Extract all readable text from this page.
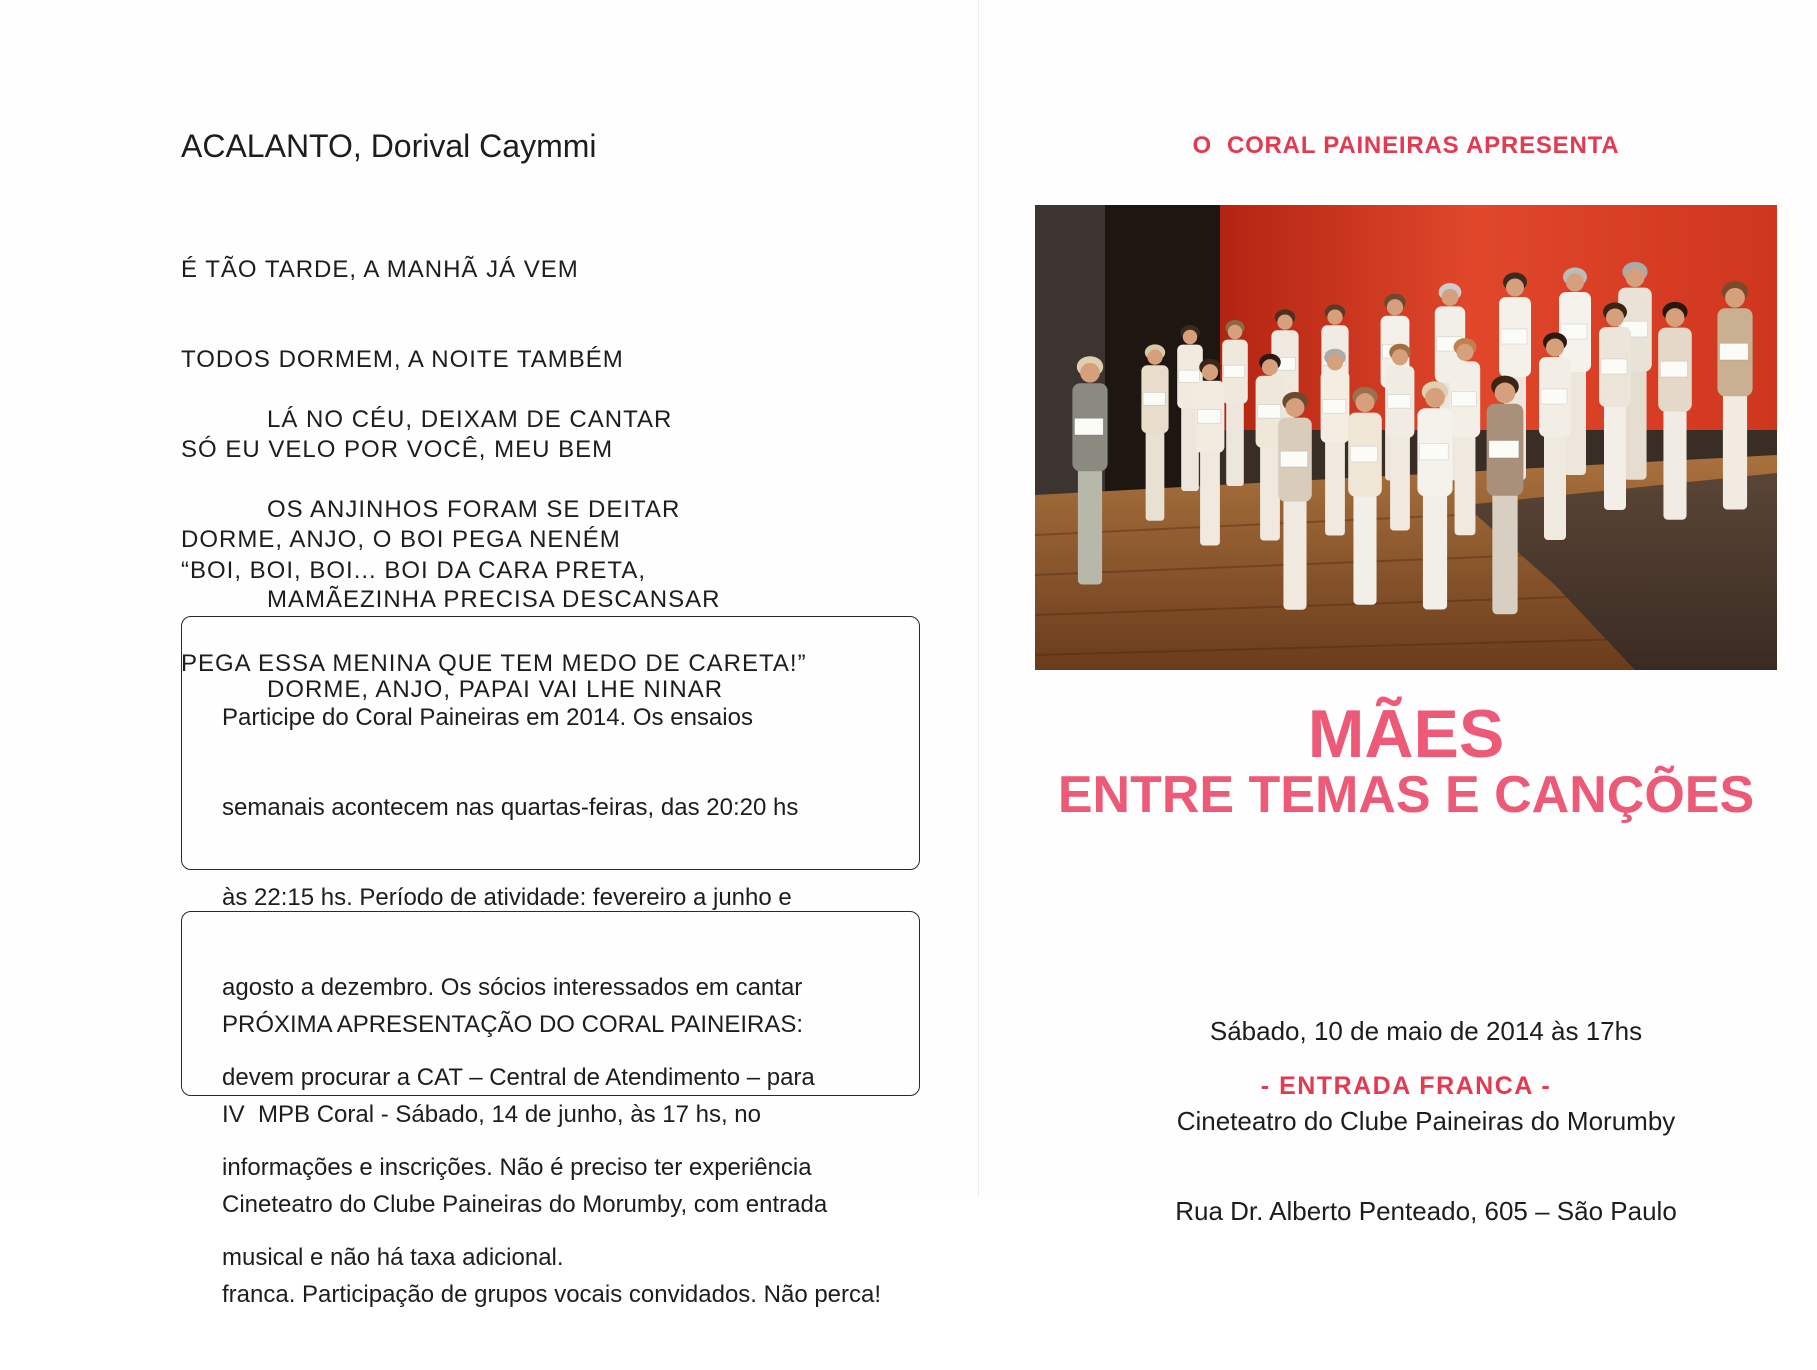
ACALANTO, Dorival Caymmi

É TÃO TARDE, A MANHÃ JÁ VEM

TODOS DORMEM, A NOITE TAMBÉM

SÓ EU VELO POR VOCÊ, MEU BEM

DORME, ANJO, O BOI PEGA NENÉM

LÁ NO CÉU, DEIXAM DE CANTAR

OS ANJINHOS FORAM SE DEITAR

MAMÃEZINHA PRECISA DESCANSAR

DORME, ANJO, PAPAI VAI LHE NINAR

“BOI, BOI, BOI... BOI DA CARA PRETA,

PEGA ESSA MENINA QUE TEM MEDO DE CARETA!”

Participe do Coral Paineiras em 2014. Os ensaios

semanais acontecem nas quartas-feiras, das 20:20 hs

às 22:15 hs. Período de atividade: fevereiro a junho e

agosto a dezembro. Os sócios interessados em cantar

devem procurar a CAT – Central de Atendimento – para

informações e inscrições. Não é preciso ter experiência

musical e não há taxa adicional.

PRÓXIMA APRESENTAÇÃO DO CORAL PAINEIRAS:

IV  MPB Coral - Sábado, 14 de junho, às 17 hs, no

Cineteatro do Clube Paineiras do Morumby, com entrada

franca. Participação de grupos vocais convidados. Não perca!

O  CORAL PAINEIRAS APRESENTA
MÃES
ENTRE TEMAS E CANÇÕES

Sábado, 10 de maio de 2014 às 17hs

Cineteatro do Clube Paineiras do Morumby

Rua Dr. Alberto Penteado, 605 – São Paulo

- ENTRADA FRANCA -
